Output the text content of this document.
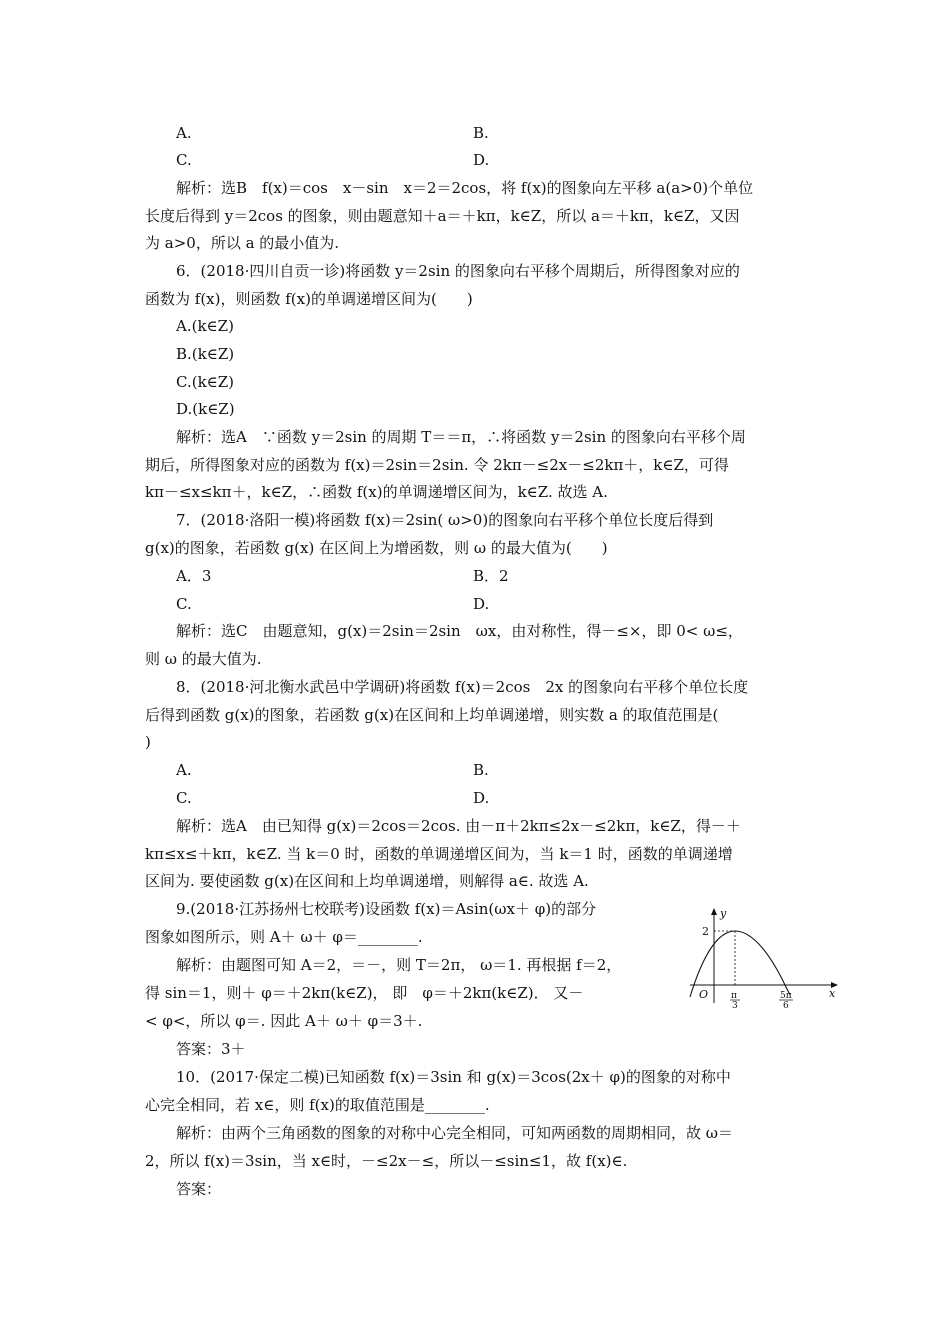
A.	B.
C.	D.
解析：选B　f(x)＝cos　x－sin　x＝2＝2cos，将 f(x)的图象向左平移 a(a>0)个单位
长度后得到 y＝2cos 的图象，则由题意知＋a＝＋kπ，k∈Z，所以 a＝＋kπ，k∈Z，又因
为 a>0，所以 a 的最小值为.
6．(2018·四川自贡一诊)将函数 y＝2sin 的图象向右平移个周期后，所得图象对应的
函数为 f(x)，则函数 f(x)的单调递增区间为(　　)
A.(k∈Z)
B.(k∈Z)
C.(k∈Z)
D.(k∈Z)
解析：选A　∵函数 y＝2sin 的周期 T＝＝π，∴将函数 y＝2sin 的图象向右平移个周
期后，所得图象对应的函数为 f(x)＝2sin＝2sin. 令 2kπ－≤2x－≤2kπ＋，k∈Z，可得
kπ－≤x≤kπ＋，k∈Z，∴函数 f(x)的单调递增区间为，k∈Z. 故选 A.
7．(2018·洛阳一模)将函数 f(x)＝2sin( ω>0)的图象向右平移个单位长度后得到
g(x)的图象，若函数 g(x) 在区间上为增函数，则 ω 的最大值为(　　)
A．3	B．2
C.	D.
解析：选C　由题意知，g(x)＝2sin＝2sin　ωx，由对称性，得－≤×，即 0< ω≤，
则 ω 的最大值为.
8．(2018·河北衡水武邑中学调研)将函数 f(x)＝2cos　2x 的图象向右平移个单位长度
后得到函数 g(x)的图象，若函数 g(x)在区间和上均单调递增，则实数 a 的取值范围是(
)
A.	B.
C.	D.
解析：选A　由已知得 g(x)＝2cos＝2cos. 由－π＋2kπ≤2x－≤2kπ，k∈Z，得－＋
kπ≤x≤＋kπ，k∈Z. 当 k＝0 时，函数的单调递增区间为，当 k＝1 时，函数的单调递增
区间为. 要使函数 g(x)在区间和上均单调递增，则解得 a∈. 故选 A.
9.(2018·江苏扬州七校联考)设函数 f(x)＝Asin(ωx＋ φ)的部分
图象如图所示，则 A＋ ω＋ φ＝________.
解析：由题图可知 A＝2，＝－，则 T＝2π， ω＝1. 再根据 f＝2，
得 sin＝1，则＋ φ＝＋2kπ(k∈Z)， 即　φ＝＋2kπ(k∈Z)． 又－
< φ<，所以 φ＝. 因此 A＋ ω＋ φ＝3＋.
答案：3＋
10．(2017·保定二模)已知函数 f(x)＝3sin 和 g(x)＝3cos(2x＋ φ)的图象的对称中
心完全相同，若 x∈，则 f(x)的取值范围是________.
解析：由两个三角函数的图象的对称中心完全相同，可知两函数的周期相同，故 ω＝
2，所以 f(x)＝3sin，当 x∈时，－≤2x－≤，所以－≤sin≤1，故 f(x)∈.
答案：
y
x
O
2
π
3
5π
6
